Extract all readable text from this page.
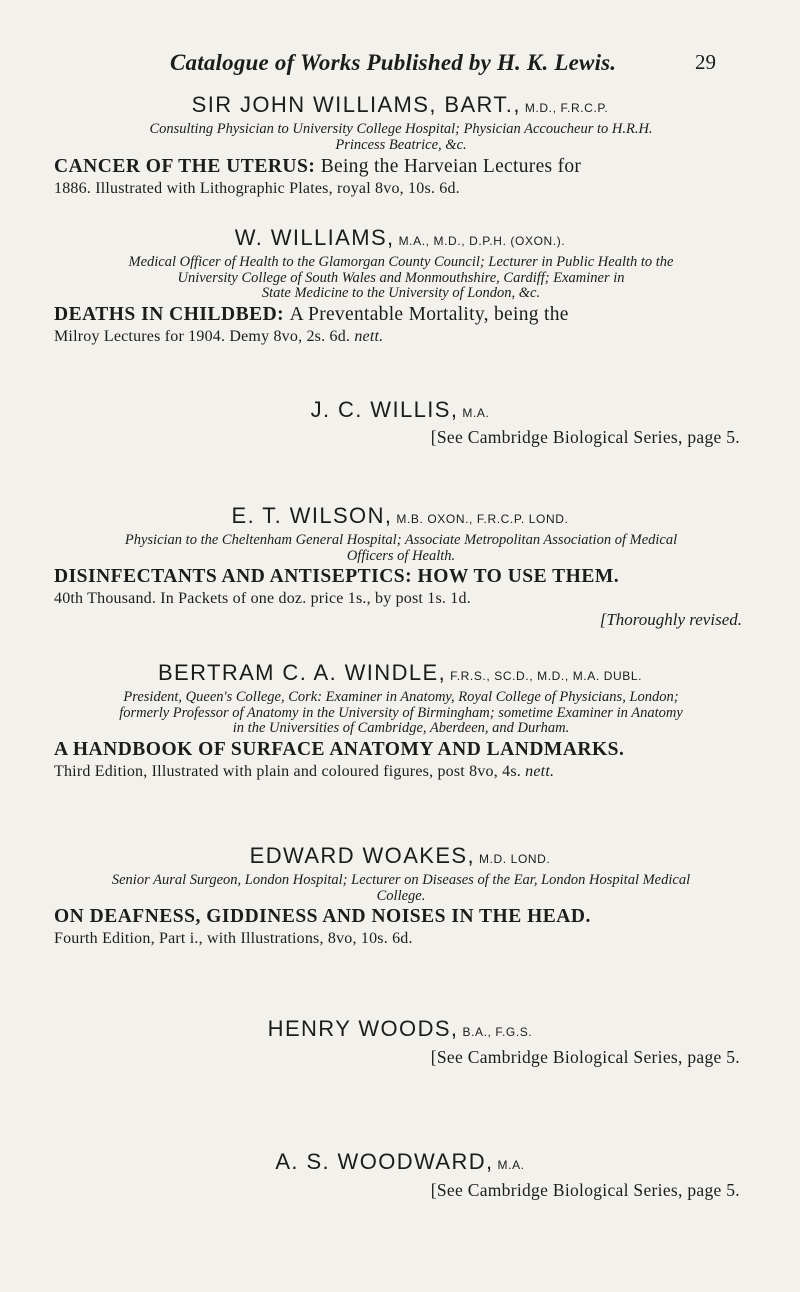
Catalogue of Works Published by H. K. Lewis.	29
SIR JOHN WILLIAMS, BART., M.D., F.R.C.P.
Consulting Physician to University College Hospital; Physician Accoucheur to H.R.H.
Princess Beatrice, &c.
CANCER OF THE UTERUS: Being the Harveian Lectures for
1886. Illustrated with Lithographic Plates, royal 8vo, 10s. 6d.
W. WILLIAMS, M.A., M.D., D.P.H. (OXON.).
Medical Officer of Health to the Glamorgan County Council; Lecturer in Public Health to the
University College of South Wales and Monmouthshire, Cardiff; Examiner in
State Medicine to the University of London, &c.
DEATHS IN CHILDBED: A Preventable Mortality, being the
Milroy Lectures for 1904. Demy 8vo, 2s. 6d. nett.
J. C. WILLIS, M.A.
[See Cambridge Biological Series, page 5.
E. T. WILSON, M.B. OXON., F.R.C.P. LOND.
Physician to the Cheltenham General Hospital; Associate Metropolitan Association of Medical
Officers of Health.
DISINFECTANTS AND ANTISEPTICS: HOW TO USE THEM.
40th Thousand. In Packets of one doz. price 1s., by post 1s. 1d.
[Thoroughly revised.
BERTRAM C. A. WINDLE, F.R.S., SC.D., M.D., M.A. DUBL.
President, Queen's College, Cork: Examiner in Anatomy, Royal College of Physicians, London;
formerly Professor of Anatomy in the University of Birmingham; sometime Examiner in Anatomy
in the Universities of Cambridge, Aberdeen, and Durham.
A HANDBOOK OF SURFACE ANATOMY AND LANDMARKS.
Third Edition, Illustrated with plain and coloured figures, post 8vo, 4s. nett.
EDWARD WOAKES, M.D. LOND.
Senior Aural Surgeon, London Hospital; Lecturer on Diseases of the Ear, London Hospital Medical
College.
ON DEAFNESS, GIDDINESS AND NOISES IN THE HEAD.
Fourth Edition, Part i., with Illustrations, 8vo, 10s. 6d.
HENRY WOODS, B.A., F.G.S.
[See Cambridge Biological Series, page 5.
A. S. WOODWARD, M.A.
[See Cambridge Biological Series, page 5.
